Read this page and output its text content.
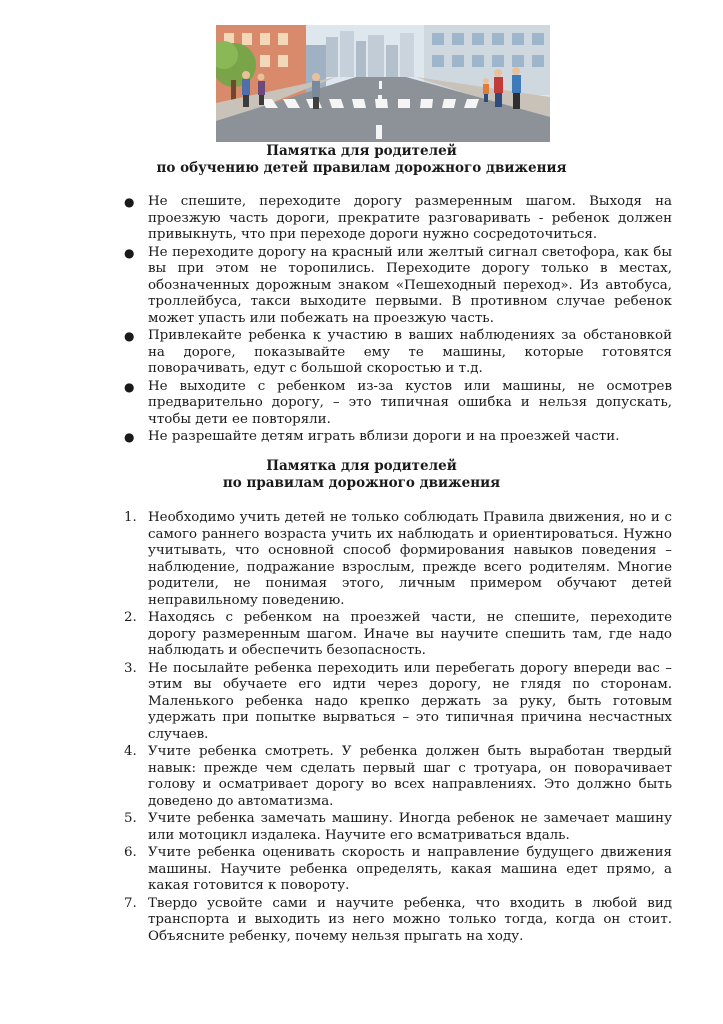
Памятка для родителей
по обучению детей правилам дорожного движения
●	Не спешите, переходите дорогу размеренным шагом. Выходя на проезжую часть дороги, прекратите разговаривать - ребенок должен привыкнуть, что при переходе дороги нужно сосредоточиться.
●	Не переходите дорогу на красный или желтый сигнал светофора, как бы вы при этом не торопились. Переходите дорогу только в местах, обозначенных дорожным знаком «Пешеходный переход». Из автобуса, троллейбуса, такси выходите первыми. В противном случае ребенок может упасть или побежать на проезжую часть.
●	Привлекайте ребенка к участию в ваших наблюдениях за обстановкой на дороге, показывайте ему те машины, которые готовятся поворачивать, едут с большой скоростью и т.д.
●	Не выходите с ребенком из-за кустов или машины, не осмотрев предварительно дорогу, – это типичная ошибка и нельзя допускать, чтобы дети ее повторяли.
●	Не разрешайте детям играть вблизи дороги и на проезжей части.
Памятка для родителей
по правилам дорожного движения
1. Необходимо учить детей не только соблюдать Правила движения, но и с самого раннего возраста учить их наблюдать и ориентироваться. Нужно учитывать, что основной способ формирования навыков поведения – наблюдение, подражание взрослым, прежде всего родителям. Многие родители, не понимая этого, личным примером обучают детей неправильному поведению.
2. Находясь с ребенком на проезжей части, не спешите, переходите дорогу размеренным шагом. Иначе вы научите спешить там, где надо наблюдать и обеспечить безопасность.
3. Не посылайте ребенка переходить или перебегать дорогу впереди вас – этим вы обучаете его идти через дорогу, не глядя по сторонам. Маленького ребенка надо крепко держать за руку, быть готовым удержать при попытке вырваться – это типичная причина несчастных случаев.
4. Учите ребенка смотреть. У ребенка должен быть выработан твердый навык: прежде чем сделать первый шаг с тротуара, он поворачивает голову и осматривает дорогу во всех направлениях. Это должно быть доведено до автоматизма.
5. Учите ребенка замечать машину. Иногда ребенок не замечает машину или мотоцикл издалека. Научите его всматриваться вдаль.
6. Учите ребенка оценивать скорость и направление будущего движения машины. Научите ребенка определять, какая машина едет прямо, а какая готовится к повороту.
7. Твердо усвойте сами и научите ребенка, что входить в любой вид транспорта и выходить из него можно только тогда, когда он стоит. Объясните ребенку, почему нельзя прыгать на ходу.
